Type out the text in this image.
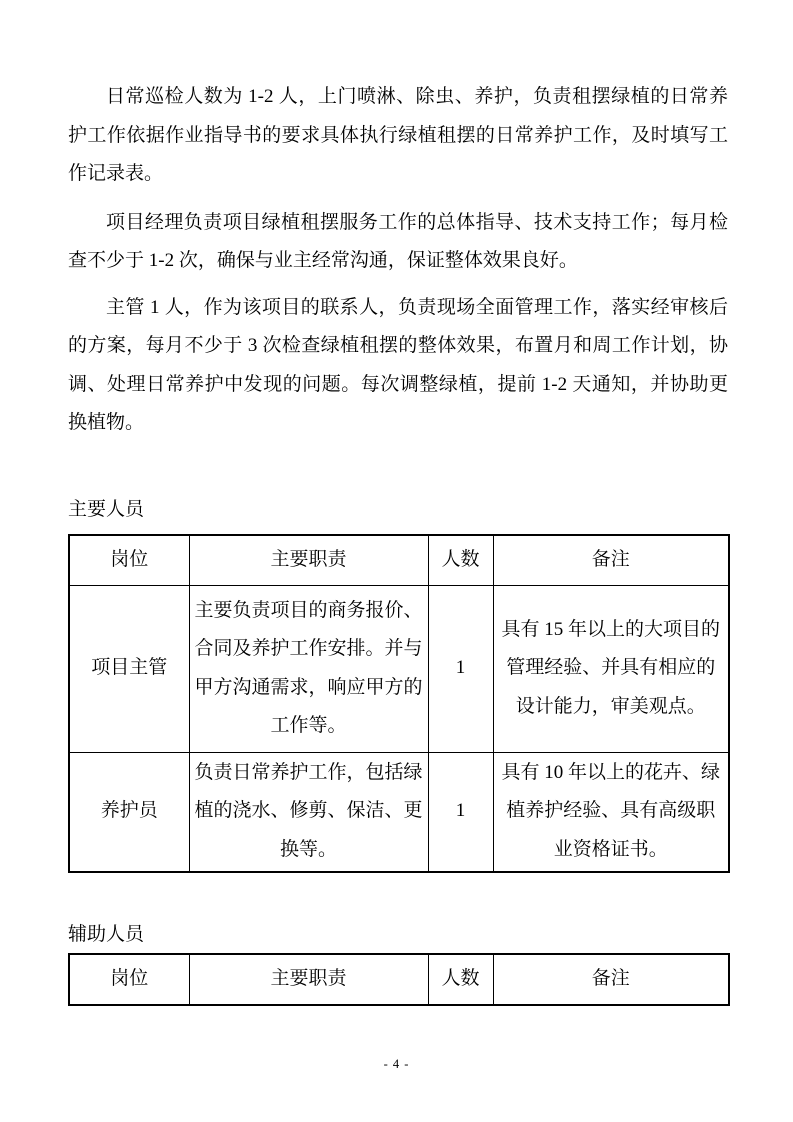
日常巡检人数为 1-2 人，上门喷淋、除虫、养护，负责租摆绿植的日常养护工作依据作业指导书的要求具体执行绿植租摆的日常养护工作，及时填写工作记录表。

项目经理负责项目绿植租摆服务工作的总体指导、技术支持工作；每月检查不少于 1-2 次，确保与业主经常沟通，保证整体效果良好。

主管 1 人，作为该项目的联系人，负责现场全面管理工作，落实经审核后的方案，每月不少于 3 次检查绿植租摆的整体效果，布置月和周工作计划，协调、处理日常养护中发现的问题。每次调整绿植，提前 1-2 天通知，并协助更换植物。

主要人员
岗位	主要职责	人数	备注
项目主管	主要负责项目的商务报价、合同及养护工作安排。并与甲方沟通需求，响应甲方的工作等。	1	具有 15 年以上的大项目的管理经验、并具有相应的设计能力，审美观点。
养护员	负责日常养护工作，包括绿植的浇水、修剪、保洁、更换等。	1	具有 10 年以上的花卉、绿植养护经验、具有高级职业资格证书。
辅助人员
岗位	主要职责	人数	备注
- 4 -
